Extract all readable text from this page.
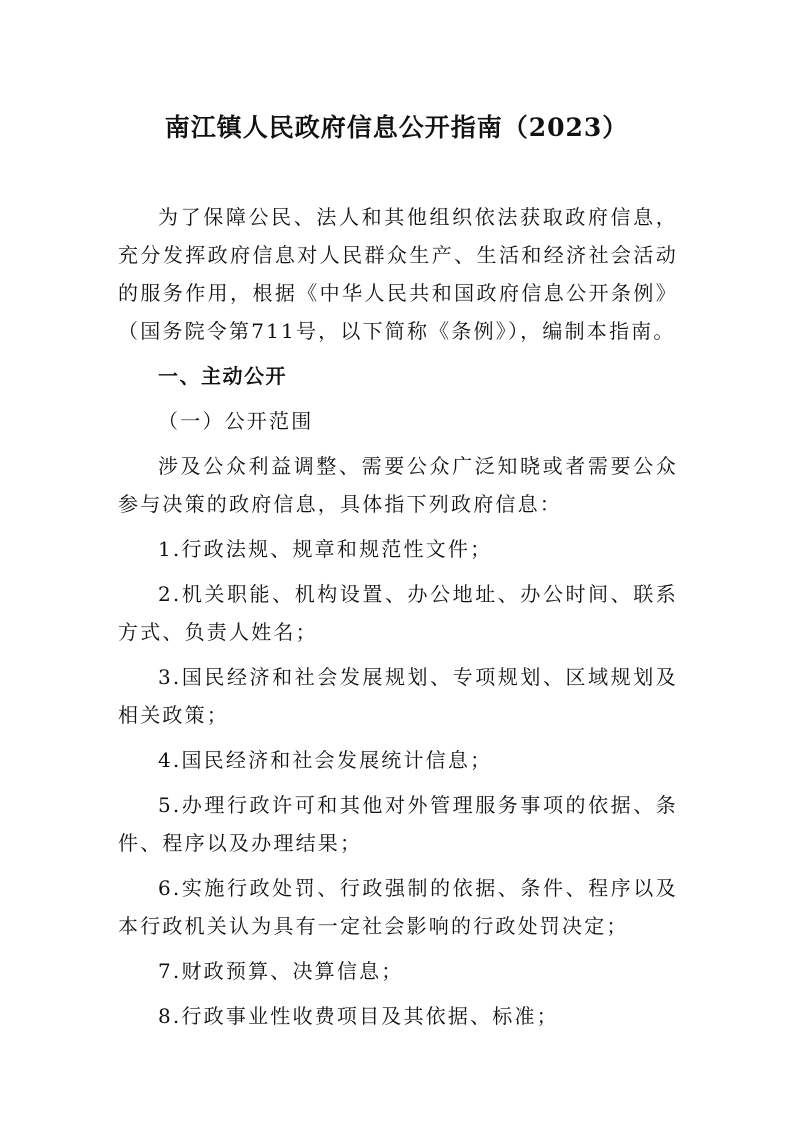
南江镇人民政府信息公开指南（2023）

为了保障公民、法人和其他组织依法获取政府信息，充分发挥政府信息对人民群众生产、生活和经济社会活动的服务作用，根据《中华人民共和国政府信息公开条例》（国务院令第711号，以下简称《条例》），编制本指南。

一、主动公开

（一）公开范围

涉及公众利益调整、需要公众广泛知晓或者需要公众参与决策的政府信息，具体指下列政府信息：

1.行政法规、规章和规范性文件；

2.机关职能、机构设置、办公地址、办公时间、联系方式、负责人姓名；

3.国民经济和社会发展规划、专项规划、区域规划及相关政策；

4.国民经济和社会发展统计信息；

5.办理行政许可和其他对外管理服务事项的依据、条件、程序以及办理结果；

6.实施行政处罚、行政强制的依据、条件、程序以及本行政机关认为具有一定社会影响的行政处罚决定；

7.财政预算、决算信息；

8.行政事业性收费项目及其依据、标准；
